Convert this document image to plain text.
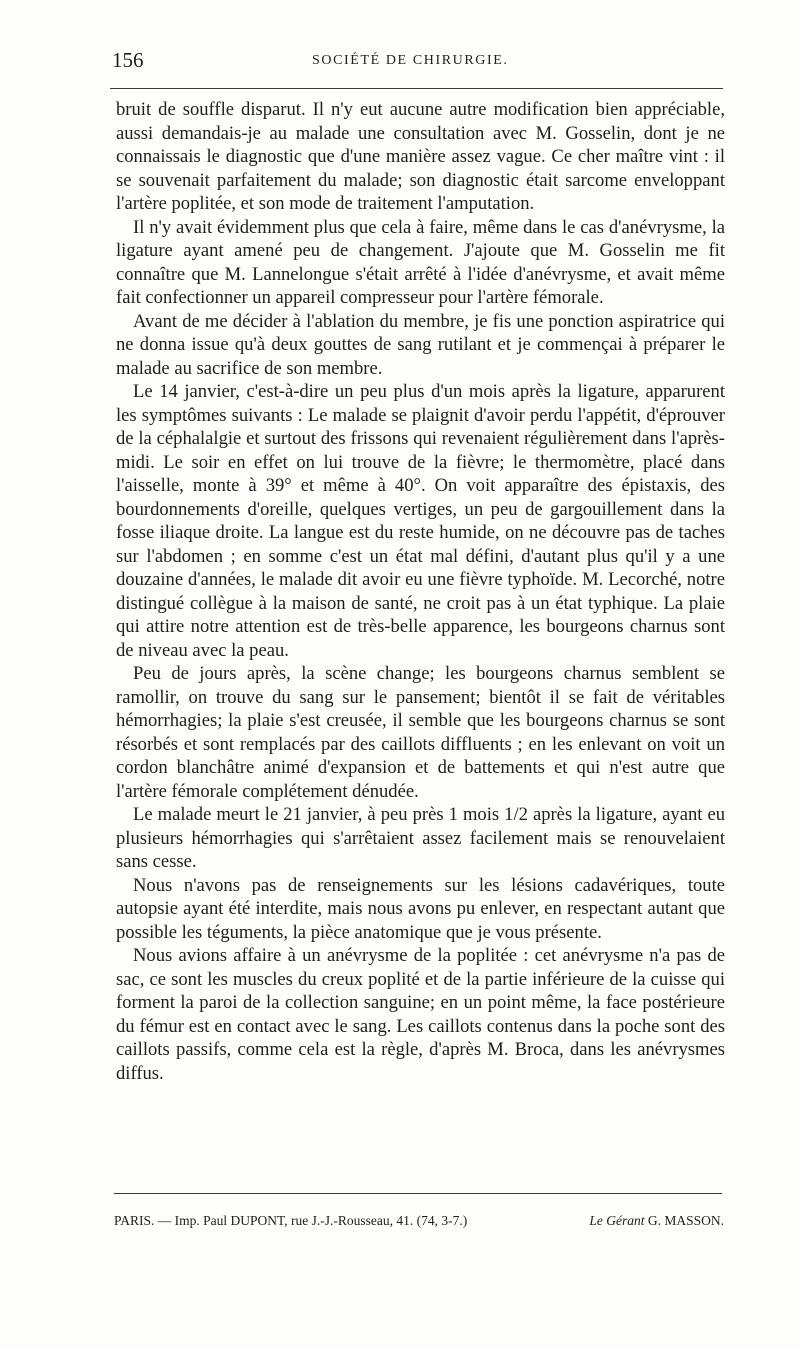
156	SOCIÉTÉ DE CHIRURGIE.

bruit de souffle disparut. Il n'y eut aucune autre modification bien appréciable, aussi demandais-je au malade une consultation avec M. Gosselin, dont je ne connaissais le diagnostic que d'une manière assez vague. Ce cher maître vint : il se souvenait parfaitement du malade; son diagnostic était sarcome enveloppant l'artère poplitée, et son mode de traitement l'amputation.

Il n'y avait évidemment plus que cela à faire, même dans le cas d'anévrysme, la ligature ayant amené peu de changement. J'ajoute que M. Gosselin me fit connaître que M. Lannelongue s'était arrêté à l'idée d'anévrysme, et avait même fait confectionner un appareil compresseur pour l'artère fémorale.

Avant de me décider à l'ablation du membre, je fis une ponction aspiratrice qui ne donna issue qu'à deux gouttes de sang rutilant et je commençai à préparer le malade au sacrifice de son membre.

Le 14 janvier, c'est-à-dire un peu plus d'un mois après la ligature, apparurent les symptômes suivants : Le malade se plaignit d'avoir perdu l'appétit, d'éprouver de la céphalalgie et surtout des frissons qui revenaient régulièrement dans l'après-midi. Le soir en effet on lui trouve de la fièvre; le thermomètre, placé dans l'aisselle, monte à 39° et même à 40°. On voit apparaître des épistaxis, des bourdonnements d'oreille, quelques vertiges, un peu de gargouillement dans la fosse iliaque droite. La langue est du reste humide, on ne découvre pas de taches sur l'abdomen ; en somme c'est un état mal défini, d'autant plus qu'il y a une douzaine d'années, le malade dit avoir eu une fièvre typhoïde. M. Lecorché, notre distingué collègue à la maison de santé, ne croit pas à un état typhique. La plaie qui attire notre attention est de très-belle apparence, les bourgeons charnus sont de niveau avec la peau.

Peu de jours après, la scène change; les bourgeons charnus semblent se ramollir, on trouve du sang sur le pansement; bientôt il se fait de véritables hémorrhagies; la plaie s'est creusée, il semble que les bourgeons charnus se sont résorbés et sont remplacés par des caillots diffluents ; en les enlevant on voit un cordon blanchâtre animé d'expansion et de battements et qui n'est autre que l'artère fémorale complétement dénudée.

Le malade meurt le 21 janvier, à peu près 1 mois 1/2 après la ligature, ayant eu plusieurs hémorrhagies qui s'arrêtaient assez facilement mais se renouvelaient sans cesse.

Nous n'avons pas de renseignements sur les lésions cadavériques, toute autopsie ayant été interdite, mais nous avons pu enlever, en respectant autant que possible les téguments, la pièce anatomique que je vous présente.

Nous avions affaire à un anévrysme de la poplitée : cet anévrysme n'a pas de sac, ce sont les muscles du creux poplité et de la partie inférieure de la cuisse qui forment la paroi de la collection sanguine; en un point même, la face postérieure du fémur est en contact avec le sang. Les caillots contenus dans la poche sont des caillots passifs, comme cela est la règle, d'après M. Broca, dans les anévrysmes diffus.

PARIS. — Imp. Paul DUPONT, rue J.-J.-Rousseau, 41. (74, 3-7.)	Le Gérant G. MASSON.
